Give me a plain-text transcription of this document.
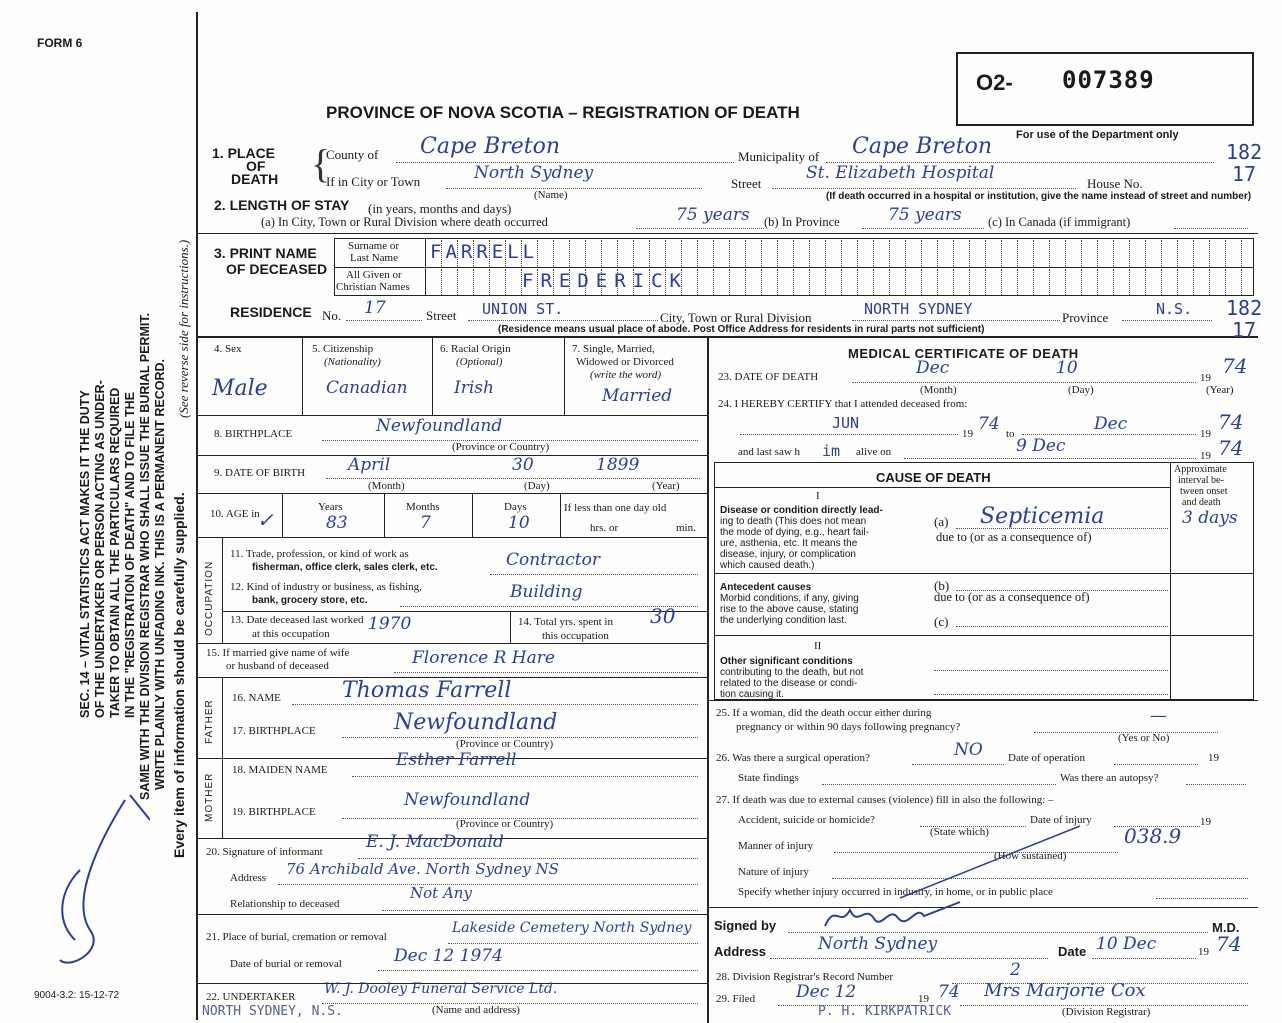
FORM 6
PROVINCE OF NOVA SCOTIA – REGISTRATION OF DEATH
O2- 007389
For use of the Department only
182
17
SEC. 14 – VITAL STATISTICS ACT MAKES IT THE DUTY OF THE UNDERTAKER OR PERSON ACTING AS UNDER- TAKER TO OBTAIN ALL THE PARTICULARS REQUIRED IN THE "REGISTRATION OF DEATH" AND TO FILE THE SAME WITH THE DIVISION REGISTRAR WHO SHALL ISSUE THE BURIAL PERMIT. WRITE PLAINLY WITH UNFADING INK. THIS IS A PERMANENT RECORD. Every item of information should be carefully supplied.
(See reverse side for instructions.)
9004-3.2: 15-12-72
1. PLACE
OF
DEATH {
County of Cape Breton	Municipality of Cape Breton
If in City or Town	North Sydney
(Name)
Street
St. Elizabeth Hospital
House No.
(If death occurred in a hospital or institution, give the name instead of street and number)
2. LENGTH OF STAY (in years, months and days)
(a) In City, Town or Rural Division where death occurred	75 years (b) In Province	75 years (c) In Canada (if immigrant)
3. PRINT NAME
OF DECEASED
Surname or
Last Name
All Given or
Christian Names
FARRELL
FREDERICK
RESIDENCE No. 17	Street UNION ST.	City, Town or Rural Division	NORTH SYDNEY	Province	N.S. 182
17
(Residence means usual place of abode. Post Office Address for residents in rural parts not sufficient)
4. Sex
Male
5. Citizenship
(Nationality)
Canadian
6. Racial Origin
(Optional)
Irish
7. Single, Married,
Widowed or Divorced
(write the word)
Married
8. BIRTHPLACE	Newfoundland
(Province or Country)
9. DATE OF BIRTH	April	30	1899
(Month)	(Day)	(Year)
10. AGE in
✓
Years
83
Months
7
Days
10
If less than one day old
hrs. or	min.
OCCUPATION
11. Trade, profession, or kind of work as
fisherman, office clerk, sales clerk, etc.	Contractor
12. Kind of industry or business, as fishing,
bank, grocery store, etc.	Building
13. Date deceased last worked
at this occupation 1970	14. Total yrs. spent in
this occupation
30
15. If married give name of wife
or husband of deceased	Florence R Hare
FATHER
16. NAME	Thomas Farrell
17. BIRTHPLACE	Newfoundland
(Province or Country)
MOTHER
18. MAIDEN NAME	Esther Farrell
19. BIRTHPLACE
Newfoundland
(Province or Country)
20. Signature of informant	E. J. MacDonald
Address 76 Archibald Ave. North Sydney NS
Relationship to deceased
Not Any
21. Place of burial, cremation or removal
Lakeside Cemetery North Sydney
Date of burial or removal	Dec 12 1974
22. UNDERTAKER W. J. Dooley Funeral Service Ltd.
(Name and address)
NORTH SYDNEY, N.S.
MEDICAL CERTIFICATE OF DEATH
23. DATE OF DEATH	Dec	10	19 74
(Month)	(Day)	(Year)
24. I HEREBY CERTIFY that I attended deceased from:
JUN
19 74 to	Dec	19 74
and last saw h im alive on	9 Dec	19 74
CAUSE OF DEATH
Approximate
interval be-
tween onset
and death
I
Disease or condition directly lead-
ing to death (This does not mean
the mode of dying, e.g., heart fail-
ure, asthenia, etc. It means the
disease, injury, or complication
which caused death.)
(a) Septicemia	3 days
due to (or as a consequence of)
Antecedent causes
Morbid conditions, if any, giving
rise to the above cause, stating
the underlying condition last.
(b)
due to (or as a consequence of)
(c)
II
Other significant conditions
contributing to the death, but not
related to the disease or condi-
tion causing it.
25. If a woman, did the death occur either during
pregnancy or within 90 days following pregnancy?
—
(Yes or No)
26. Was there a surgical operation?	NO Date of operation	19
State findings	Was there an autopsy?
27. If death was due to external causes (violence) fill in also the following: –
Accident, suicide or homicide?	Date of injury	19
(State which)	038.9
Manner of injury
(How sustained)
Nature of injury
Specify whether injury occurred in industry, in home, or in public place
Signed by	M.D.
Address	North Sydney	Date 10 Dec	19 74
28. Division Registrar's Record Number	2
29. Filed Dec 12	19 74 Mrs Marjorie Cox
(Division Registrar)
P. H. KIRKPATRICK
